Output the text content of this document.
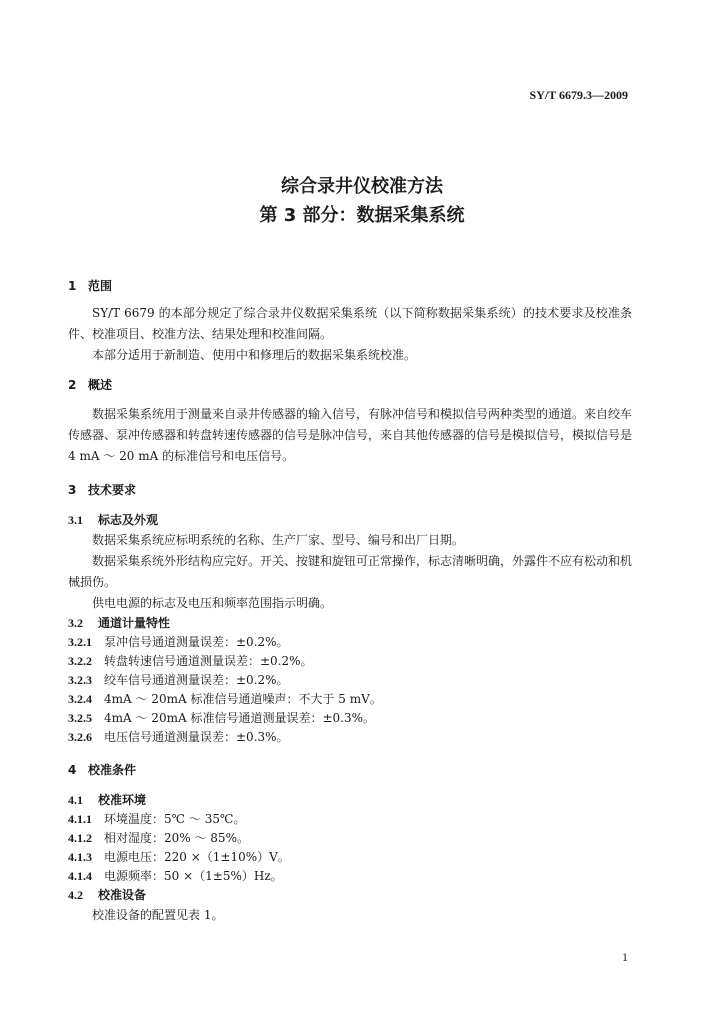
SY/T 6679.3—2009
综合录井仪校准方法
第 3 部分：数据采集系统
1 范围

SY/T 6679 的本部分规定了综合录井仪数据采集系统（以下简称数据采集系统）的技术要求及校准条件、校准项目、校准方法、结果处理和校准间隔。

本部分适用于新制造、使用中和修理后的数据采集系统校准。

2 概述

数据采集系统用于测量来自录井传感器的输入信号，有脉冲信号和模拟信号两种类型的通道。来自绞车传感器、泵冲传感器和转盘转速传感器的信号是脉冲信号，来自其他传感器的信号是模拟信号，模拟信号是 4 mA ～ 20 mA 的标准信号和电压信号。

3 技术要求
3.1 标志及外观

数据采集系统应标明系统的名称、生产厂家、型号、编号和出厂日期。

数据采集系统外形结构应完好。开关、按键和旋钮可正常操作，标志清晰明确，外露件不应有松动和机械损伤。

供电电源的标志及电压和频率范围指示明确。

3.2 通道计量特性
3.2.1 泵冲信号通道测量误差：±0.2%。
3.2.2 转盘转速信号通道测量误差：±0.2%。
3.2.3 绞车信号通道测量误差：±0.2%。
3.2.4 4mA ～ 20mA 标准信号通道噪声：不大于 5 mV。
3.2.5 4mA ～ 20mA 标准信号通道测量误差：±0.3%。
3.2.6 电压信号通道测量误差：±0.3%。
4 校准条件
4.1 校准环境
4.1.1 环境温度：5℃ ～ 35℃。
4.1.2 相对湿度：20% ～ 85%。
4.1.3 电源电压：220 ×（1±10%）V。
4.1.4 电源频率：50 ×（1±5%）Hz。
4.2 校准设备

校准设备的配置见表 1。

1
